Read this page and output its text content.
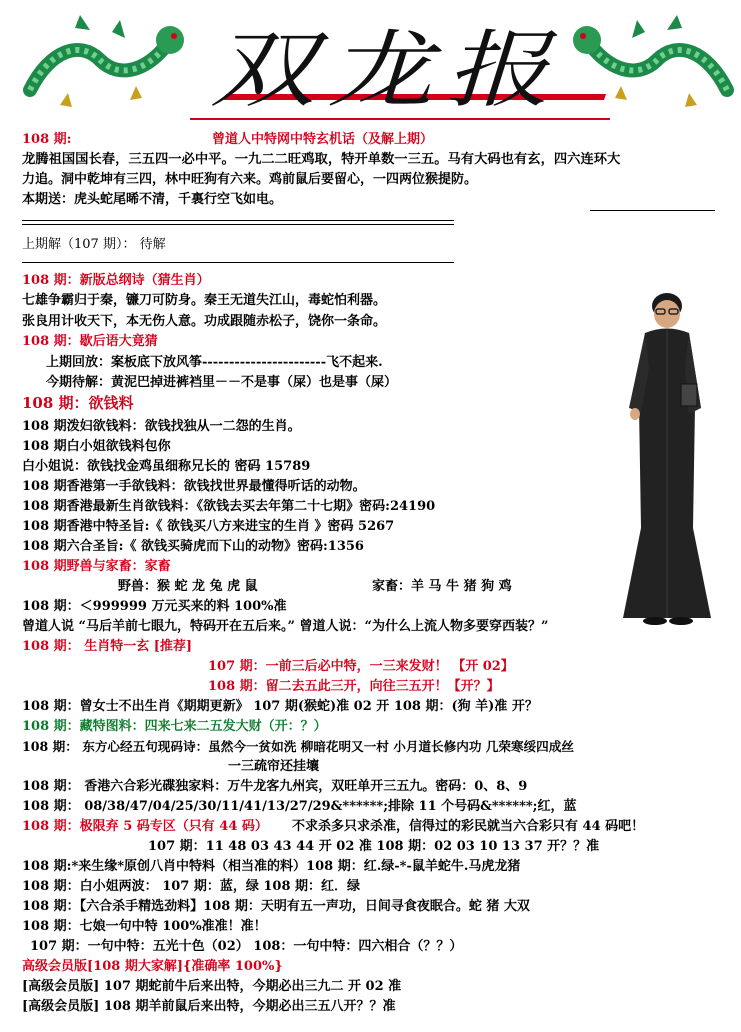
双龙报
108 期:	曾道人中特网中特玄机话（及解上期）
龙腾祖国国长春，三五四一必中平。一九二二旺鸡取，特开单数一三五。马有大码也有玄，四六连环大
力追。洞中乾坤有三四，林中旺狗有六来。鸡前鼠后要留心，一四两位猴提防。
本期送：虎头蛇尾晞不清，千裏行空飞如电。
上期解（107 期）： 待解
108 期：新版总纲诗（猜生肖）
七雄争霸归于秦，镰刀可防身。秦王无道失江山，毒蛇怕利器。
张良用计收天下，本无伤人意。功成跟随赤松子，饶你一条命。
108 期：歇后语大竟猜
上期回放：案板底下放风筝-----------------------飞不起来.
今期待解：黄泥巴掉进裤裆里－－不是事（屎）也是事（屎）
108 期：欲钱料
108 期泼妇欲钱料：欲钱找独从一二怨的生肖。
108 期白小姐欲钱料包你
白小姐说：欲钱找金鸡虽细称兄长的 密码 15789
108 期香港第一手欲钱料：欲钱找世界最懂得听话的动物。
108 期香港最新生肖欲钱料：《欲钱去买去年第二十七期》密码:24190
108 期香港中特圣旨:《 欲钱买八方来进宝的生肖 》密码 5267
108 期六合圣旨:《 欲钱买骑虎而下山的动物》密码:1356
108 期野兽与家畜：家畜
野兽：猴 蛇 龙 兔 虎 鼠	家畜：羊 马 牛 猪 狗 鸡
108 期：＜999999 万元买来的料 100%准
曾道人说 “马后羊前七眼九，特码开在五后来。” 曾道人说：“为什么上流人物多要穿西装？”
108 期： 生肖特一玄 [推荐]
107 期：一前三后必中特，一三来发财！ 【开 02】
108 期：留二去五此三开，向往三五开！【开？】
108 期：曾女士不出生肖《期期更新》 107 期(猴蛇)准 02 开 108 期：(狗 羊)准 开？
108 期：藏特图料：四来七来二五发大财（开：？）
108 期： 东方心经五句现码诗：虽然今一贫如洗 柳暗花明又一村 小月道长修内功 几荣寒绥四成丝
一三疏帘还挂壤
108 期： 香港六合彩光碟独家料：万牛龙客九州宾，双旺单开三五九。密码：0、8、9
108 期： 08/38/47/04/25/30/11/41/13/27/29&******;排除 11 个号码&******;红，蓝
108 期：极限弃 5 码专区（只有 44 码） 不求杀多只求杀准，信得过的彩民就当六合彩只有 44 码吧！
107 期：11 48 03 43 44 开 02 准 108 期：02 03 10 13 37 开？？准
108 期:*来生缘*原创八肖中特料（相当准的料）108 期：红.绿-*-鼠羊蛇牛.马虎龙猪
108 期：白小姐两波： 107 期：蓝，绿 108 期：红．绿
108 期：【六合杀手精选劲料】108 期：天明有五一声功，日间寻食夜眠合。蛇 猪 大双
108 期：七娘一句中特 100%准准！准！
107 期：一句中特：五光十色（02） 108：一句中特：四六相合（？？）
高级会员版[108 期大家解]{准确率 100%}
[高级会员版] 107 期蛇前牛后来出特，今期必出三九二 开 02 准
[高级会员版] 108 期羊前鼠后来出特，今期必出三五八开？？准
